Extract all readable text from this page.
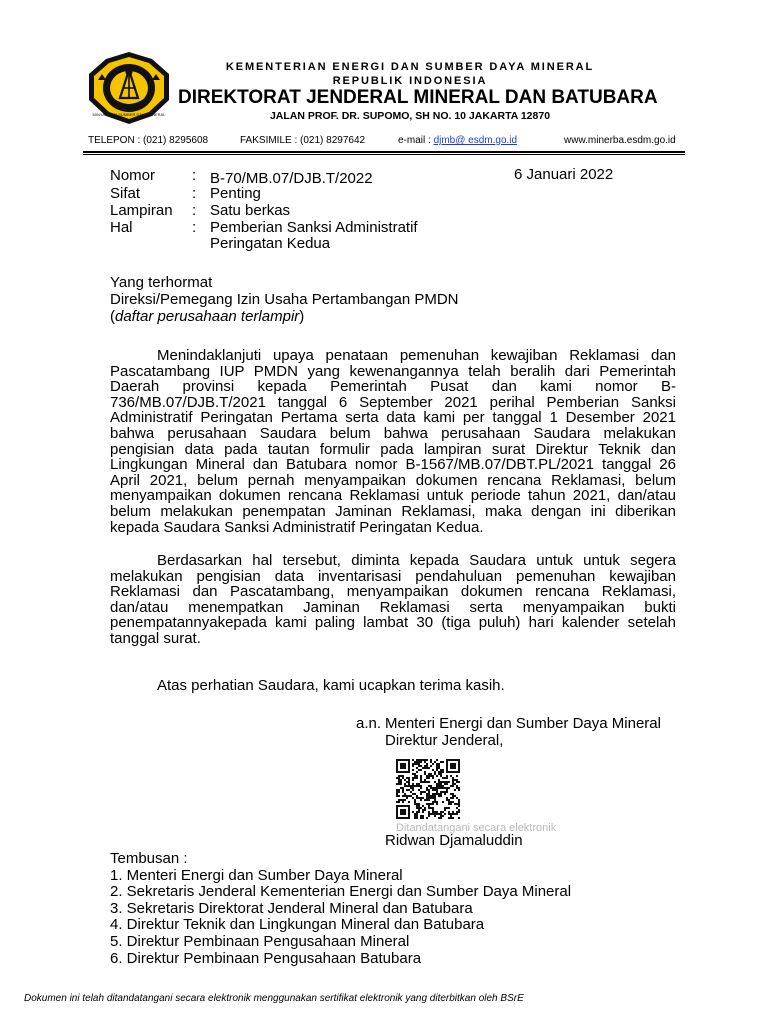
MINYAK DAN SUMBER DAYA MINERAL
KEMENTERIAN ENERGI DAN SUMBER DAYA MINERAL
REPUBLIK INDONESIA
DIREKTORAT JENDERAL MINERAL DAN BATUBARA
JALAN PROF. DR. SUPOMO, SH NO. 10 JAKARTA 12870
TELEPON : (021) 8295608	FAKSIMILE : (021) 8297642	e-mail : djmb@ esdm.go.id	www.minerba.esdm.go.id
6 Januari 2022
Nomor : B-70/MB.07/DJB.T/2022
Sifat	: Penting
Lampiran : Satu berkas
Hal	: Pemberian Sanksi Administratif
Peringatan Kedua
Yang terhormat
Direksi/Pemegang Izin Usaha Pertambangan PMDN
(daftar perusahaan terlampir)
Menindaklanjuti upaya penataan pemenuhan kewajiban Reklamasi dan
Pascatambang IUP PMDN yang kewenangannya telah beralih dari Pemerintah
Daerah provinsi kepada Pemerintah Pusat dan kami nomor B-
736/MB.07/DJB.T/2021 tanggal 6 September 2021 perihal Pemberian Sanksi
Administratif Peringatan Pertama serta data kami per tanggal 1 Desember 2021
bahwa perusahaan Saudara belum bahwa perusahaan Saudara melakukan
pengisian data pada tautan formulir pada lampiran surat Direktur Teknik dan
Lingkungan Mineral dan Batubara nomor B-1567/MB.07/DBT.PL/2021 tanggal 26
April 2021, belum pernah menyampaikan dokumen rencana Reklamasi, belum
menyampaikan dokumen rencana Reklamasi untuk periode tahun 2021, dan/atau
belum melakukan penempatan Jaminan Reklamasi, maka dengan ini diberikan
kepada Saudara Sanksi Administratif Peringatan Kedua.
Berdasarkan hal tersebut, diminta kepada Saudara untuk untuk segera
melakukan pengisian data inventarisasi pendahuluan pemenuhan kewajiban
Reklamasi dan Pascatambang, menyampaikan dokumen rencana Reklamasi,
dan/atau menempatkan Jaminan Reklamasi serta menyampaikan bukti
penempatannyakepada kami paling lambat 30 (tiga puluh) hari kalender setelah
tanggal surat.
Atas perhatian Saudara, kami ucapkan terima kasih.
a.n. Menteri Energi dan Sumber Daya Mineral
Direktur Jenderal,
Ditandatangani secara elektronik
Ridwan Djamaluddin
Tembusan :
1. Menteri Energi dan Sumber Daya Mineral
2. Sekretaris Jenderal Kementerian Energi dan Sumber Daya Mineral
3. Sekretaris Direktorat Jenderal Mineral dan Batubara
4. Direktur Teknik dan Lingkungan Mineral dan Batubara
5. Direktur Pembinaan Pengusahaan Mineral
6. Direktur Pembinaan Pengusahaan Batubara
Dokumen ini telah ditandatangani secara elektronik menggunakan sertifikat elektronik yang diterbitkan oleh BSrE
